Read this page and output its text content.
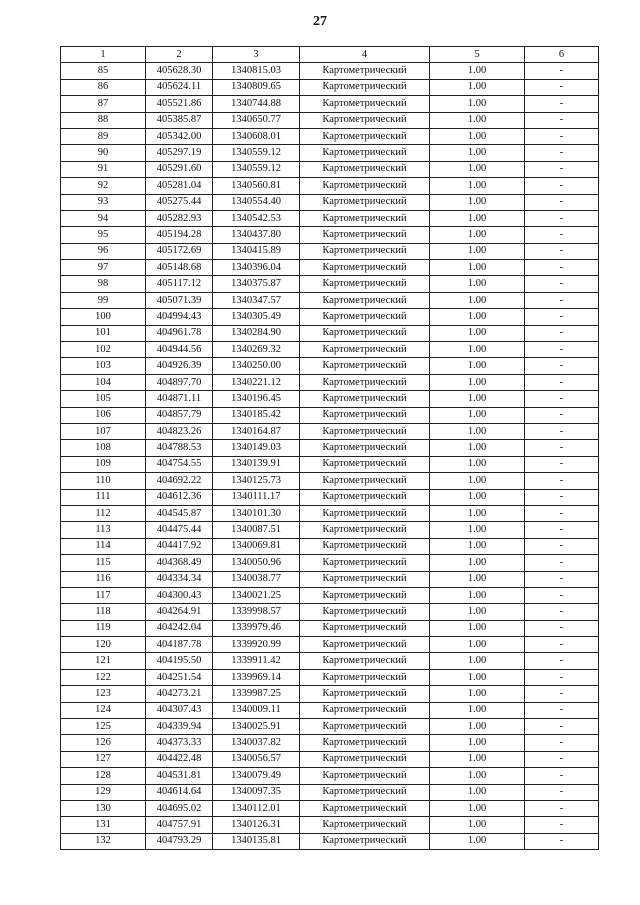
27
1	2	3	4	5	6
85	405628.30	1340815.03	Картометрический	1.00	-
86	405624.11	1340809.65	Картометрический	1.00	-
87	405521.86	1340744.88	Картометрический	1.00	-
88	405385.87	1340650.77	Картометрический	1.00	-
89	405342.00	1340608.01	Картометрический	1.00	-
90	405297.19	1340559.12	Картометрический	1.00	-
91	405291.60	1340559.12	Картометрический	1.00	-
92	405281.04	1340560.81	Картометрический	1.00	-
93	405275.44	1340554.40	Картометрический	1.00	-
94	405282.93	1340542.53	Картометрический	1.00	-
95	405194.28	1340437.80	Картометрический	1.00	-
96	405172.69	1340415.89	Картометрический	1.00	-
97	405148.68	1340396.04	Картометрический	1.00	-
98	405117.12	1340375.87	Картометрический	1.00	-
99	405071.39	1340347.57	Картометрический	1.00	-
100	404994.43	1340305.49	Картометрический	1.00	-
101	404961.78	1340284.90	Картометрический	1.00	-
102	404944.56	1340269.32	Картометрический	1.00	-
103	404926.39	1340250.00	Картометрический	1.00	-
104	404897.70	1340221.12	Картометрический	1.00	-
105	404871.11	1340196.45	Картометрический	1.00	-
106	404857.79	1340185.42	Картометрический	1.00	-
107	404823.26	1340164.87	Картометрический	1.00	-
108	404788.53	1340149.03	Картометрический	1.00	-
109	404754.55	1340139.91	Картометрический	1.00	-
110	404692.22	1340125.73	Картометрический	1.00	-
111	404612.36	1340111.17	Картометрический	1.00	-
112	404545.87	1340101.30	Картометрический	1.00	-
113	404475.44	1340087.51	Картометрический	1.00	-
114	404417.92	1340069.81	Картометрический	1.00	-
115	404368.49	1340050.96	Картометрический	1.00	-
116	404334.34	1340038.77	Картометрический	1.00	-
117	404300.43	1340021.25	Картометрический	1.00	-
118	404264.91	1339998.57	Картометрический	1.00	-
119	404242.04	1339979.46	Картометрический	1.00	-
120	404187.78	1339920.99	Картометрический	1.00	-
121	404195.50	1339911.42	Картометрический	1.00	-
122	404251.54	1339969.14	Картометрический	1.00	-
123	404273.21	1339987.25	Картометрический	1.00	-
124	404307.43	1340009.11	Картометрический	1.00	-
125	404339.94	1340025.91	Картометрический	1.00	-
126	404373.33	1340037.82	Картометрический	1.00	-
127	404422.48	1340056.57	Картометрический	1.00	-
128	404531.81	1340079.49	Картометрический	1.00	-
129	404614.64	1340097.35	Картометрический	1.00	-
130	404695.02	1340112.01	Картометрический	1.00	-
131	404757.91	1340126.31	Картометрический	1.00	-
132	404793.29	1340135.81	Картометрический	1.00	-
